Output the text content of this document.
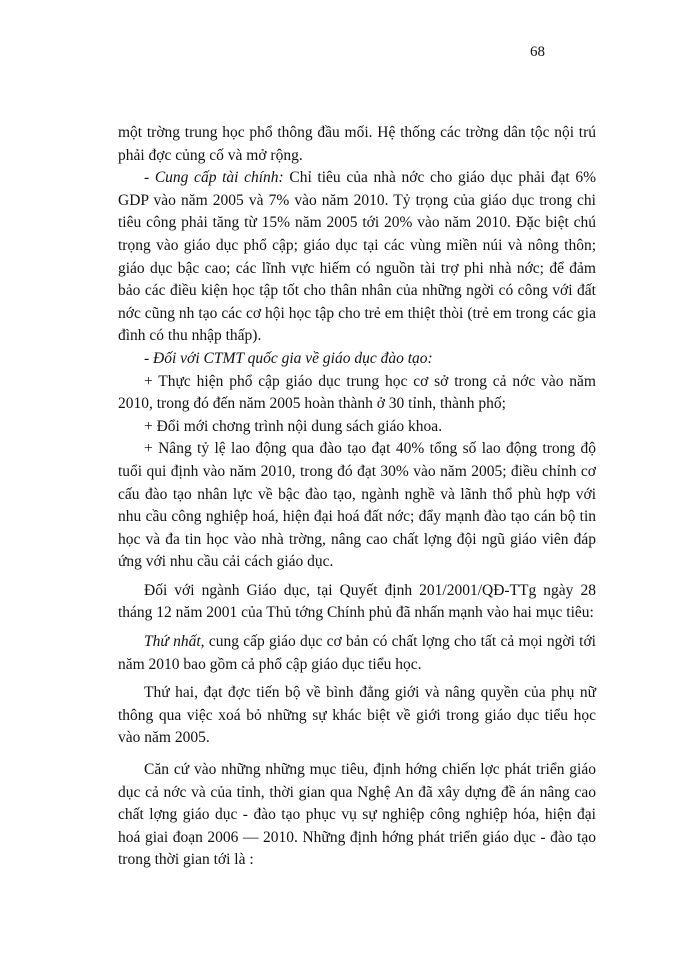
68

một trờng trung học phổ thông đầu mối. Hệ thống các trờng dân tộc nội trú phải đợc củng cố và mở rộng.

- Cung cấp tài chính: Chỉ tiêu của nhà nớc cho giáo dục phải đạt 6% GDP vào năm 2005 và 7% vào năm 2010. Tỷ trọng của giáo dục trong chi tiêu công phải tăng từ 15% năm 2005 tới 20% vào năm 2010. Đặc biệt chú trọng vào giáo dục phổ cập; giáo dục tại các vùng miền núi và nông thôn; giáo dục bậc cao; các lĩnh vực hiếm có nguồn tài trợ phi nhà nớc; để đảm bảo các điều kiện học tập tốt cho thân nhân của những ngời có công với đất nớc cũng nh tạo các cơ hội học tập cho trẻ em thiệt thòi (trẻ em trong các gia đình có thu nhập thấp).

- Đối với CTMT quốc gia về giáo dục đào tạo:

+ Thực hiện phổ cập giáo dục trung học cơ sở trong cả nớc vào năm 2010, trong đó đến năm 2005 hoàn thành ở 30 tỉnh, thành phố;

+ Đổi mới chơng trình nội dung sách giáo khoa.

+ Nâng tỷ lệ lao động qua đào tạo đạt 40% tổng số lao động trong độ tuổi qui định vào năm 2010, trong đó đạt 30% vào năm 2005; điều chỉnh cơ cấu đào tạo nhân lực về bậc đào tạo, ngành nghề và lãnh thổ phù hợp với nhu cầu công nghiệp hoá, hiện đại hoá đất nớc; đẩy mạnh đào tạo cán bộ tin học và đa tin học vào nhà trờng, nâng cao chất lợng đội ngũ giáo viên đáp ứng với nhu cầu cải cách giáo dục.

Đối với ngành Giáo dục, tại Quyết định 201/2001/QĐ-TTg ngày 28 tháng 12 năm 2001 của Thủ tớng Chính phủ đã nhấn mạnh vào hai mục tiêu:

Thứ nhất, cung cấp giáo dục cơ bản có chất lợng cho tất cả mọi ngời tới năm 2010 bao gồm cả phổ cập giáo dục tiểu học.

Thứ hai, đạt đợc tiến bộ về bình đẳng giới và nâng quyền của phụ nữ thông qua việc xoá bỏ những sự khác biệt về giới trong giáo dục tiểu học vào năm 2005.

Căn cứ vào những những mục tiêu, định hớng chiến lợc phát triển giáo dục cả nớc và của tỉnh, thời gian qua Nghệ An đã xây dựng đề án nâng cao chất lợng giáo dục - đào tạo phục vụ sự nghiệp công nghiệp hóa, hiện đại hoá giai đoạn 2006 — 2010. Những định hớng phát triển giáo dục - đào tạo trong thời gian tới là :
